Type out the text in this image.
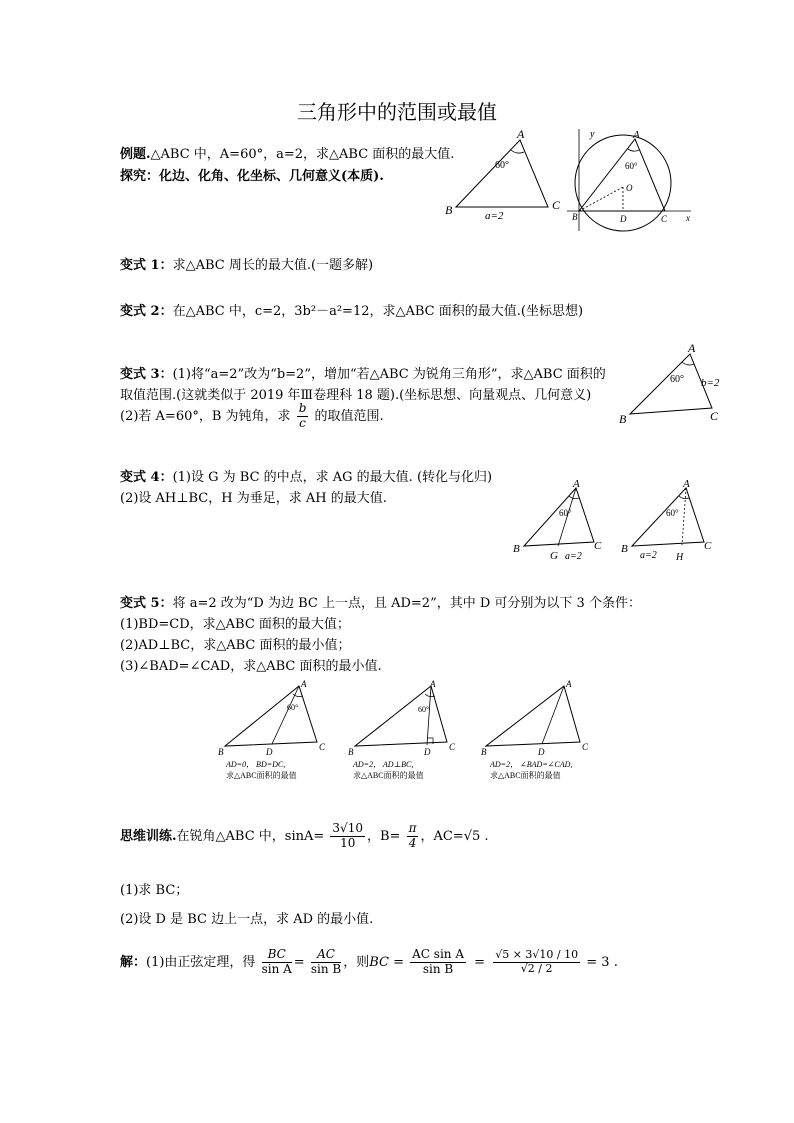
三角形中的范围或最值
例题.△ABC 中，A=60°，a=2，求△ABC 面积的最大值.
探究：化边、化角、化坐标、几何意义(本质).
A
B	C
60°
a=2
y	A
O
60°
B	D	C x
变式 1：求△ABC 周长的最大值.(一题多解)
变式 2：在△ABC 中，c=2，3b²－a²=12，求△ABC 面积的最大值.(坐标思想)
变式 3：(1)将“a=2”改为“b=2”，增加“若△ABC 为锐角三角形”，求△ABC 面积的
取值范围.(这就类似于 2019 年Ⅲ卷理科 18 题).(坐标思想、向量观点、几何意义)
(2)若 A=60°，B 为钝角，求 $\frac{b}{c}$ 的取值范围.
A
B	C
60° b=2
变式 4：(1)设 G 为 BC 的中点，求 AG 的最大值. (转化与化归)
(2)设 AH⊥BC，H 为垂足，求 AH 的最大值.
A
B	C
G
60°
a=2
A
B	C
H
60°
a=2
变式 5：将 a=2 改为“D 为边 BC 上一点，且 AD=2”，其中 D 可分别为以下 3 个条件：
(1)BD=CD，求△ABC 面积的最大值；
(2)AD⊥BC，求△ABC 面积的最小值；
(3)∠BAD=∠CAD，求△ABC 面积的最小值.
A
B	C
D
60°
AD=0， BD=DC,
求△ABC面积的最值
A
B	C
D
60°
AD=2， AD⊥BC,
求△ABC面积的最值
A
B	C
D
AD=2， ∠BAD=∠CAD,
求△ABC面积的最值
思维训练.在锐角△ABC 中，$\sin A= \frac{3√10}{10}$ ，$B= \frac{\pi}{4}$ ，AC=√5 .
(1)求 BC；
(2)设 D 是 BC 边上一点，求 AD 的最小值.
解：(1)由正弦定理，得 $\frac{BC}{\text{sin A}} = \frac{AC}{\text{sin B}}$ ，则BC = $\frac{\text{AC sin A}}{\text{sin B}} = \frac{√5 \times 3√10 / 10}{√2 / 2} = 3$ .
